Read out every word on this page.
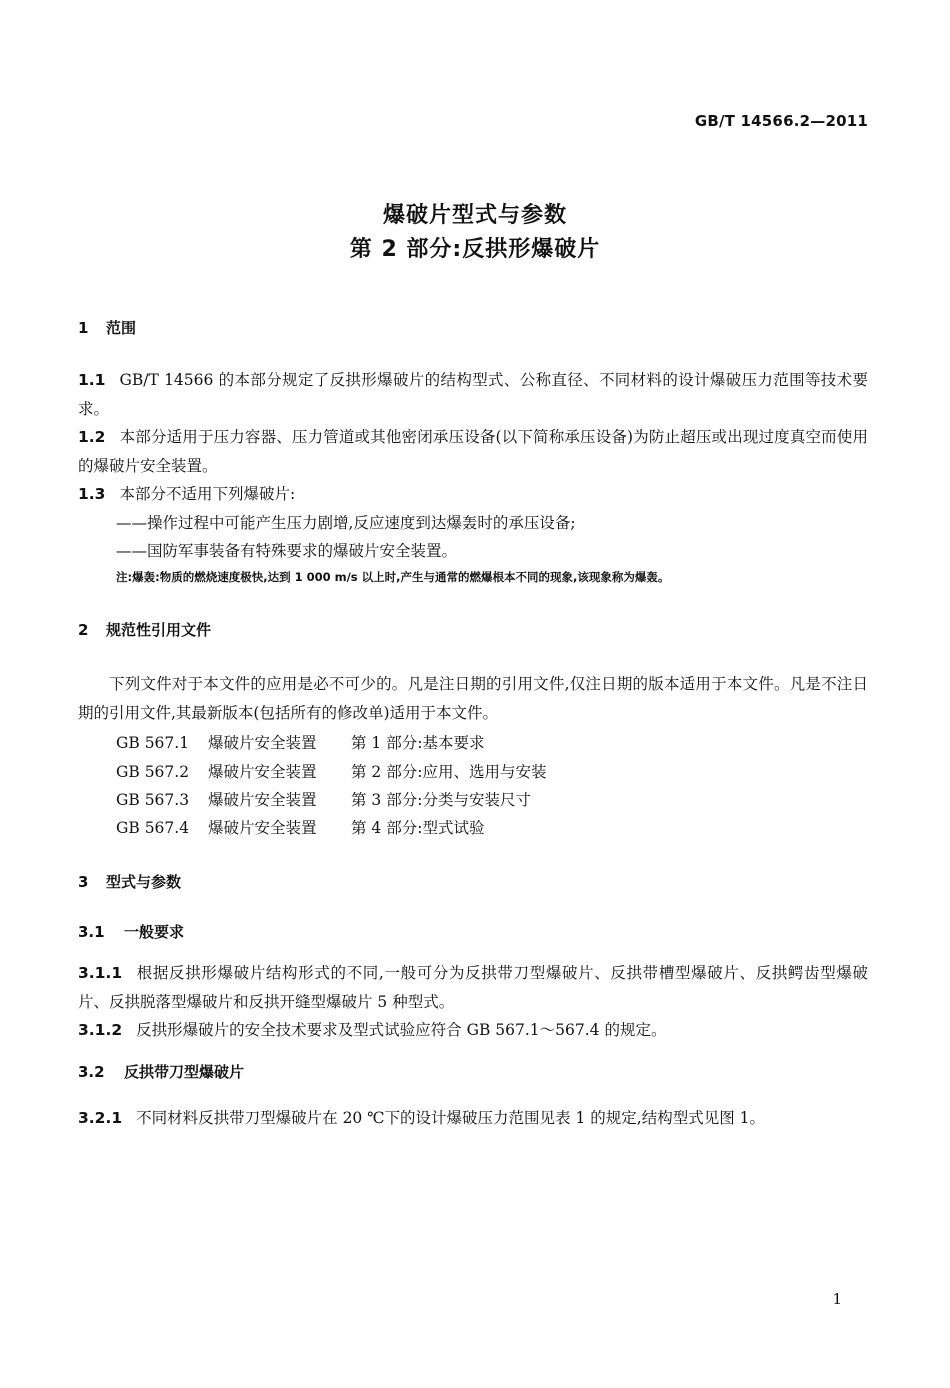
GB/T 14566.2—2011
爆破片型式与参数
第 2 部分:反拱形爆破片
1 范围
1.1 GB/T 14566 的本部分规定了反拱形爆破片的结构型式、公称直径、不同材料的设计爆破压力范围等技术要求。
1.2 本部分适用于压力容器、压力管道或其他密闭承压设备(以下简称承压设备)为防止超压或出现过度真空而使用的爆破片安全装置。
1.3 本部分不适用下列爆破片:
——操作过程中可能产生压力剧增,反应速度到达爆轰时的承压设备;
——国防军事装备有特殊要求的爆破片安全装置。
注:爆轰:物质的燃烧速度极快,达到 1 000 m/s 以上时,产生与通常的燃爆根本不同的现象,该现象称为爆轰。
2 规范性引用文件
下列文件对于本文件的应用是必不可少的。凡是注日期的引用文件,仅注日期的版本适用于本文件。凡是不注日期的引用文件,其最新版本(包括所有的修改单)适用于本文件。
GB 567.1 爆破片安全装置 第 1 部分:基本要求
GB 567.2 爆破片安全装置 第 2 部分:应用、选用与安装
GB 567.3 爆破片安全装置 第 3 部分:分类与安装尺寸
GB 567.4 爆破片安全装置 第 4 部分:型式试验
3 型式与参数
3.1 一般要求
3.1.1 根据反拱形爆破片结构形式的不同,一般可分为反拱带刀型爆破片、反拱带槽型爆破片、反拱鳄齿型爆破片、反拱脱落型爆破片和反拱开缝型爆破片 5 种型式。
3.1.2 反拱形爆破片的安全技术要求及型式试验应符合 GB 567.1～567.4 的规定。
3.2 反拱带刀型爆破片
3.2.1 不同材料反拱带刀型爆破片在 20 ℃下的设计爆破压力范围见表 1 的规定,结构型式见图 1。
1
